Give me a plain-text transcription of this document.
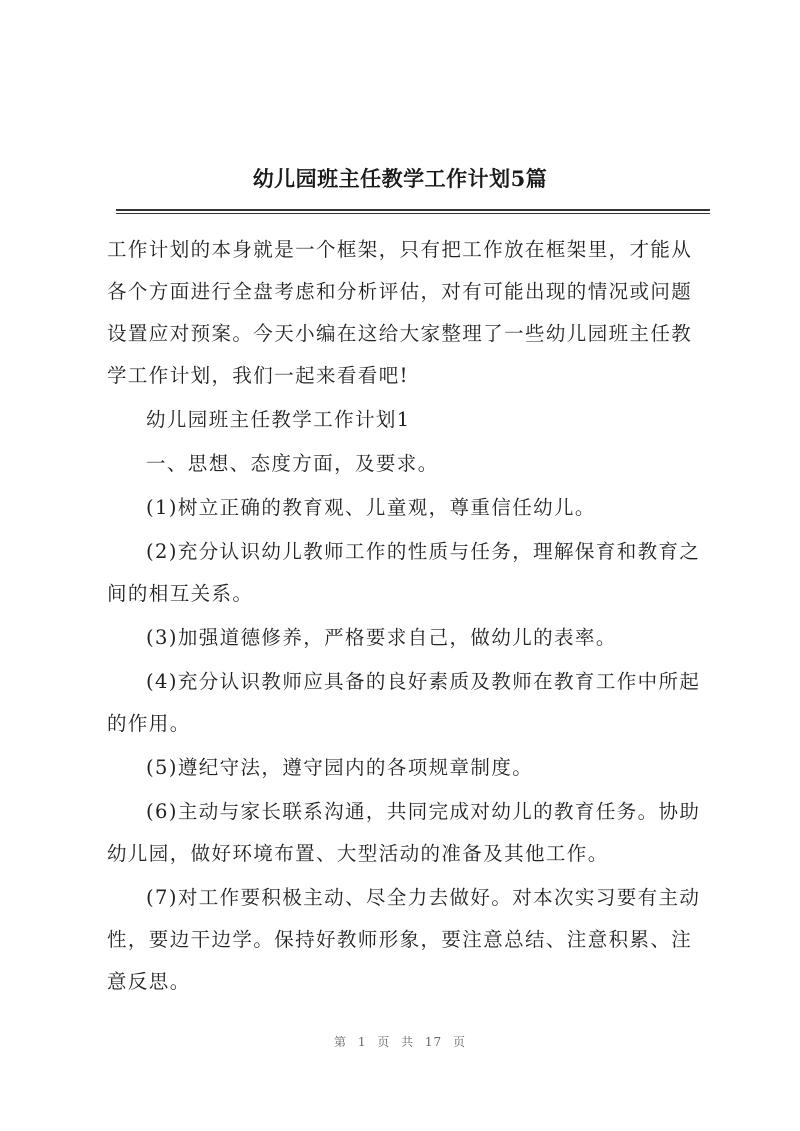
幼儿园班主任教学工作计划5篇

工作计划的本身就是一个框架，只有把工作放在框架里，才能从各个方面进行全盘考虑和分析评估，对有可能出现的情况或问题设置应对预案。今天小编在这给大家整理了一些幼儿园班主任教学工作计划，我们一起来看看吧!

幼儿园班主任教学工作计划1

一、思想、态度方面，及要求。

(1)树立正确的教育观、儿童观，尊重信任幼儿。

(2)充分认识幼儿教师工作的性质与任务，理解保育和教育之间的相互关系。

(3)加强道德修养，严格要求自己，做幼儿的表率。

(4)充分认识教师应具备的良好素质及教师在教育工作中所起的作用。

(5)遵纪守法，遵守园内的各项规章制度。

(6)主动与家长联系沟通，共同完成对幼儿的教育任务。协助幼儿园，做好环境布置、大型活动的准备及其他工作。

(7)对工作要积极主动、尽全力去做好。对本次实习要有主动性，要边干边学。保持好教师形象，要注意总结、注意积累、注意反思。

第 1 页 共 17 页
